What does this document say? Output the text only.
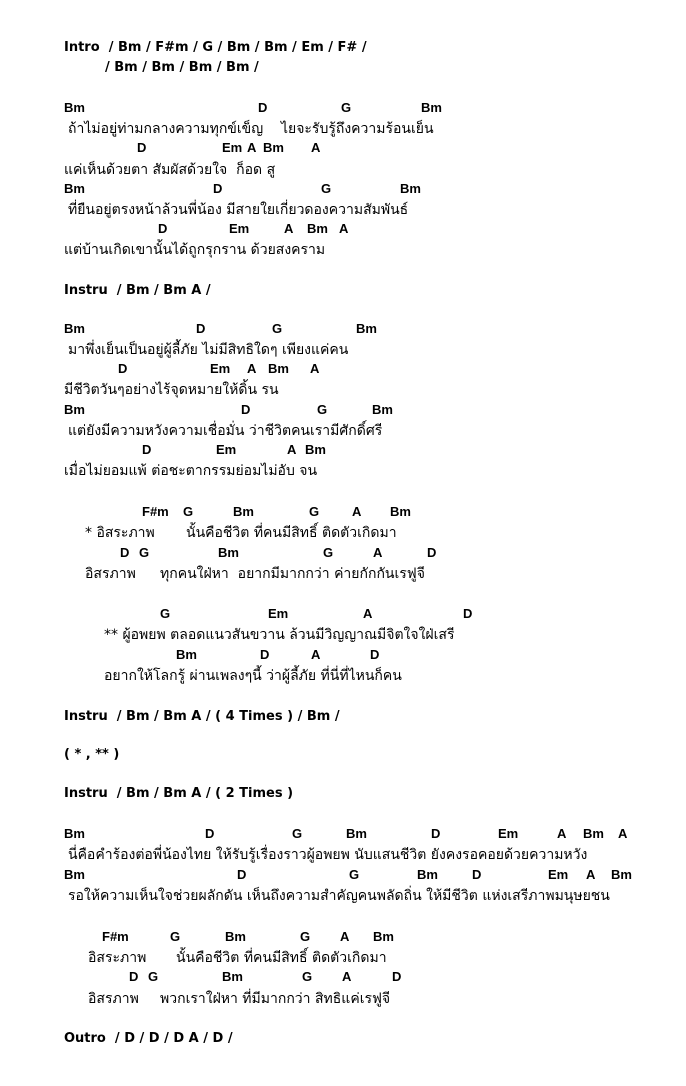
Intro  / Bm / F#m / G / Bm / Bm / Em / F# /
/ Bm / Bm / Bm / Bm /
Bm	D	G	Bm
ถ้าไม่อยู่ท่ามกลางความทุกข์เข็ญ    ไยจะรับรู้ถึงความร้อนเย็น
D	Em A Bm A
แค่เห็นด้วยตา สัมผัสด้วยใจ  ก็อด สู
Bm	D	G	Bm
ที่ยืนอยู่ตรงหน้าล้วนพี่น้อง มีสายใยเกี่ยวดองความสัมพันธ์
D	Em	A Bm A
แต่บ้านเกิดเขานั้นได้ถูกรุกราน ด้วยสงคราม
Instru  / Bm / Bm A /
Bm	D	G	Bm
มาพึ่งเย็นเป็นอยู่ผู้ลี้ภัย ไม่มีสิทธิใดๆ เพียงแค่คน
D	Em A Bm A
มีชีวิตวันๆอย่างไร้จุดหมายให้ดิ้น รน
Bm	D	G	Bm
แต่ยังมีความหวังความเชื่อมั่น ว่าชีวิตคนเรามีศักดิ์ศรี
D	Em	A Bm
เมื่อไม่ยอมแพ้ ต่อชะตากรรมย่อมไม่อับ จน
F#m G	Bm	G	A Bm
* อิสระภาพ นั้นคือชีวิต ที่คนมีสิทธิ์ ติดตัวเกิดมา
D G	Bm	G	A	D
อิสรภาพ ทุกคนใฝ่หา  อยากมีมากกว่า ค่ายกักกันเรฟูจี
G	Em	A	D
** ผู้อพยพ ตลอดแนวสันขวาน ล้วนมีวิญญาณมีจิตใจใฝ่เสรี
Bm	D	A	D
อยากให้โลกรู้ ผ่านเพลงๆนี้ ว่าผู้ลี้ภัย ที่นี่ที่ไหนก็คน
Instru  / Bm / Bm A / ( 4 Times ) / Bm /
( * , ** )
Instru  / Bm / Bm A / ( 2 Times )
Bm	D	G	Bm	D	Em	A Bm A
นี่คือคำร้องต่อพี่น้องไทย ให้รับรู้เรื่องราวผู้อพยพ นับแสนชีวิต ยังคงรอคอยด้วยความหวัง
Bm	D	G	Bm	D	Em A Bm
รอให้ความเห็นใจช่วยผลักดัน เห็นถึงความสำคัญคนพลัดถิ่น ให้มีชีวิต แห่งเสรีภาพมนุษยชน
F#m	G	Bm	G A Bm
อิสระภาพ นั้นคือชีวิต ที่คนมีสิทธิ์ ติดตัวเกิดมา
D G	Bm	G A	D
อิสรภาพ พวกเราใฝ่หา ที่มีมากกว่า สิทธิแค่เรฟูจี
Outro  / D / D / D A / D /
